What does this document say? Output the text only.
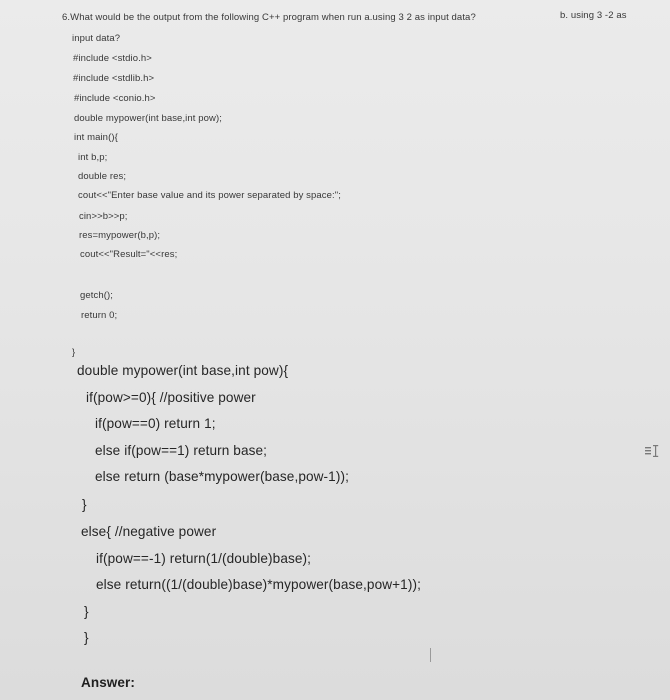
6.What would be the output from the following C++ program when run a.using 3 2 as input data?	b. using 3 -2 as
input data?
#include <stdio.h>
#include <stdlib.h>
#include <conio.h>
double mypower(int base,int pow);
int main(){
int b,p;
double res;
cout<<"Enter base value and its power separated by space:";
cin>>b>>p;
res=mypower(b,p);
cout<<"Result="<<res;
getch();
return 0;
}
double mypower(int base,int pow){
if(pow>=0){ //positive power
if(pow==0) return 1;
else if(pow==1) return base;
else return (base*mypower(base,pow-1));
}
else{ //negative power
if(pow==-1) return(1/(double)base);
else return((1/(double)base)*mypower(base,pow+1));
}
}
Answer:
